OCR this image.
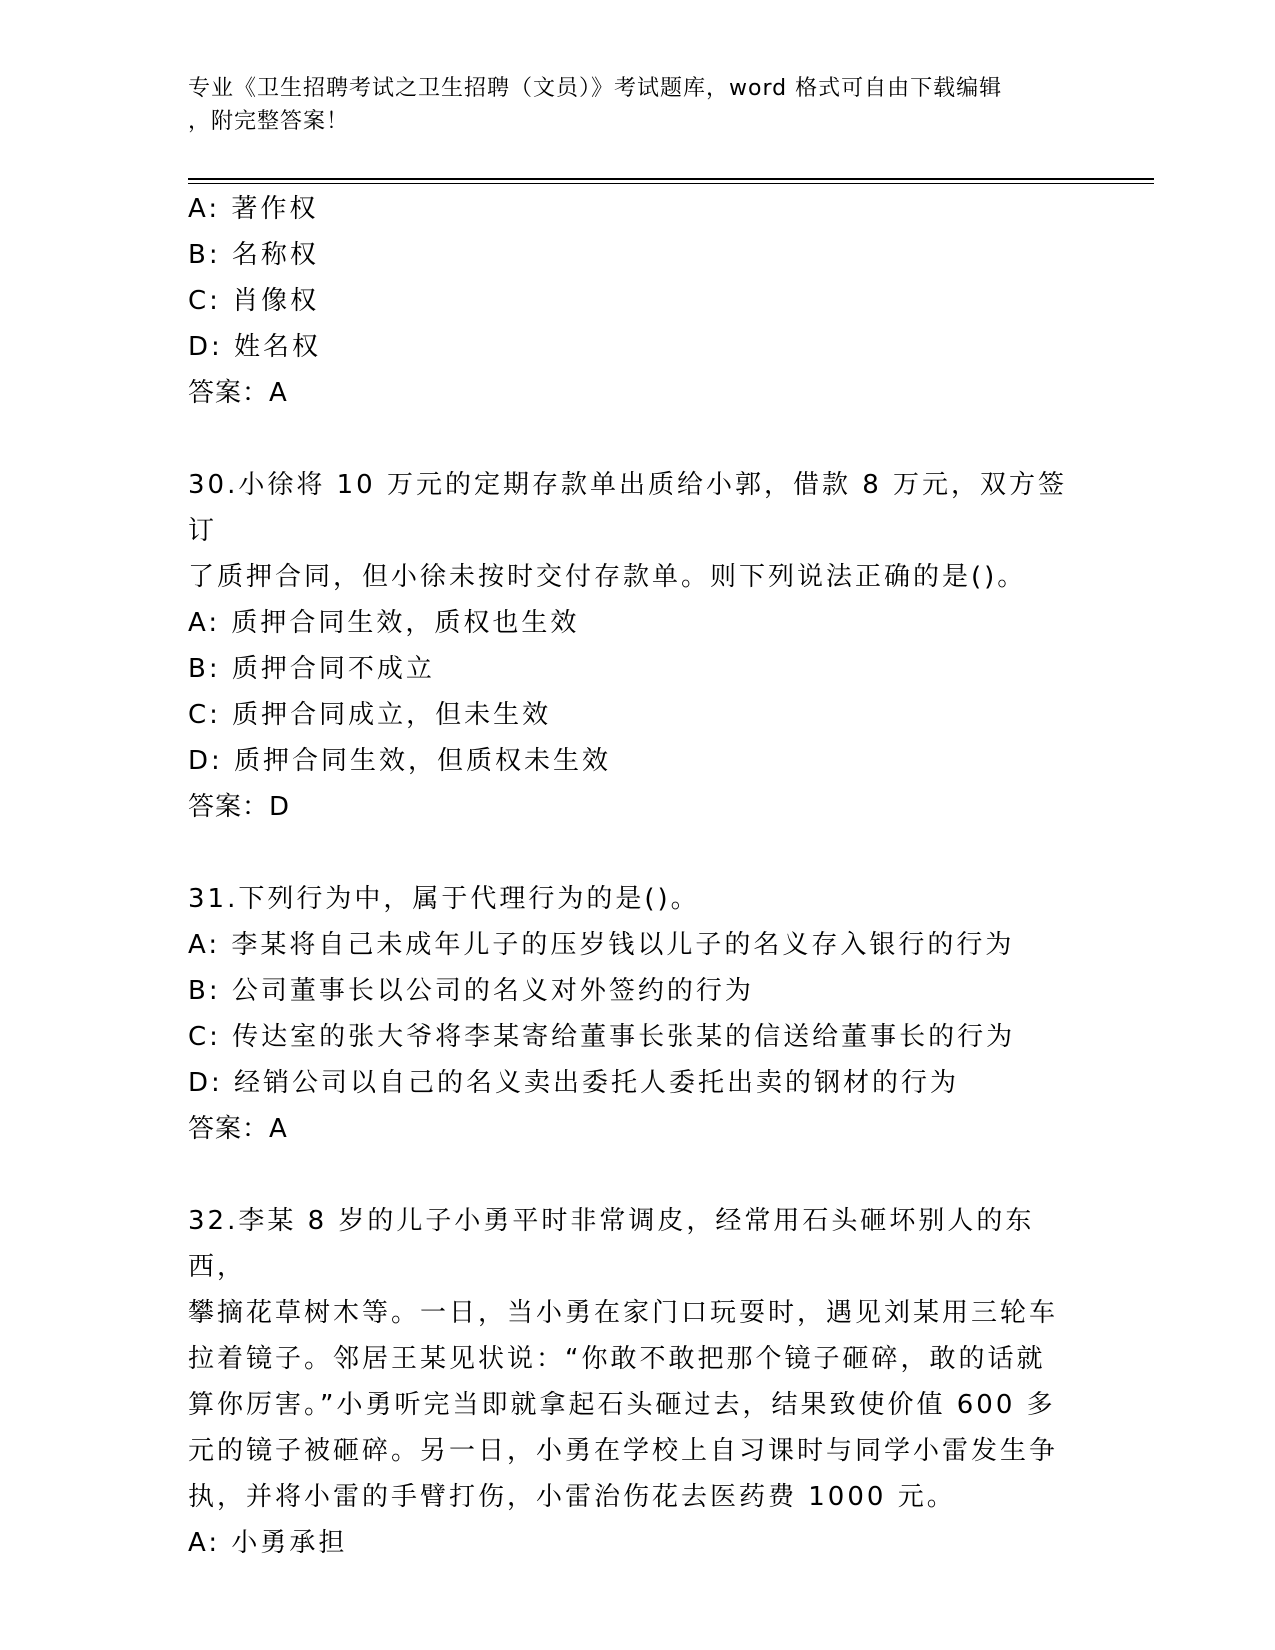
专业《卫生招聘考试之卫生招聘（文员）》考试题库，word 格式可自由下载编辑
，附完整答案！
A: 著作权
B: 名称权
C: 肖像权
D: 姓名权
答案：A
30.小徐将 10 万元的定期存款单出质给小郭，借款 8 万元，双方签订
了质押合同，但小徐未按时交付存款单。则下列说法正确的是()。
A: 质押合同生效，质权也生效
B: 质押合同不成立
C: 质押合同成立，但未生效
D: 质押合同生效，但质权未生效
答案：D
31.下列行为中，属于代理行为的是()。
A: 李某将自己未成年儿子的压岁钱以儿子的名义存入银行的行为
B: 公司董事长以公司的名义对外签约的行为
C: 传达室的张大爷将李某寄给董事长张某的信送给董事长的行为
D: 经销公司以自己的名义卖出委托人委托出卖的钢材的行为
答案：A
32.李某 8 岁的儿子小勇平时非常调皮，经常用石头砸坏别人的东西，
攀摘花草树木等。一日，当小勇在家门口玩耍时，遇见刘某用三轮车
拉着镜子。邻居王某见状说：“你敢不敢把那个镜子砸碎，敢的话就
算你厉害。”小勇听完当即就拿起石头砸过去，结果致使价值 600 多
元的镜子被砸碎。另一日，小勇在学校上自习课时与同学小雷发生争
执，并将小雷的手臂打伤，小雷治伤花去医药费 1000 元。
A: 小勇承担
